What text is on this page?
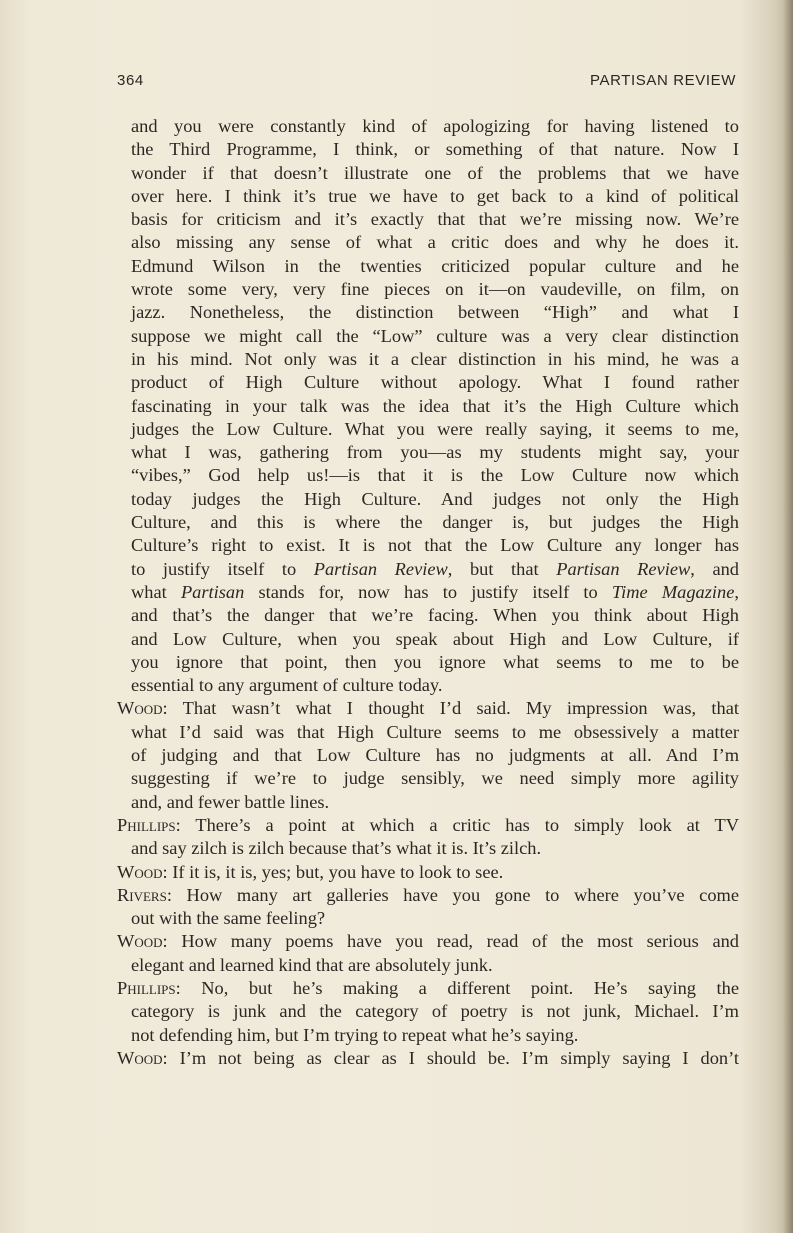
364	PARTISAN REVIEW
and you were constantly kind of apologizing for having listened to
the Third Programme, I think, or something of that nature. Now I
wonder if that doesn’t illustrate one of the problems that we have
over here. I think it’s true we have to get back to a kind of political
basis for criticism and it’s exactly that that we’re missing now. We’re
also missing any sense of what a critic does and why he does it.
Edmund Wilson in the twenties criticized popular culture and he
wrote some very, very fine pieces on it—on vaudeville, on film, on
jazz. Nonetheless, the distinction between “High” and what I
suppose we might call the “Low” culture was a very clear distinction
in his mind. Not only was it a clear distinction in his mind, he was a
product of High Culture without apology. What I found rather
fascinating in your talk was the idea that it’s the High Culture which
judges the Low Culture. What you were really saying, it seems to me,
what I was, gathering from you—as my students might say, your
“vibes,” God help us!—is that it is the Low Culture now which
today judges the High Culture. And judges not only the High
Culture, and this is where the danger is, but judges the High
Culture’s right to exist. It is not that the Low Culture any longer has
to justify itself to Partisan Review, but that Partisan Review, and
what Partisan stands for, now has to justify itself to Time Magazine,
and that’s the danger that we’re facing. When you think about High
and Low Culture, when you speak about High and Low Culture, if
you ignore that point, then you ignore what seems to me to be
essential to any argument of culture today.
Wood: That wasn’t what I thought I’d said. My impression was, that
what I’d said was that High Culture seems to me obsessively a matter
of judging and that Low Culture has no judgments at all. And I’m
suggesting if we’re to judge sensibly, we need simply more agility
and, and fewer battle lines.
Phillips: There’s a point at which a critic has to simply look at TV
and say zilch is zilch because that’s what it is. It’s zilch.
Wood: If it is, it is, yes; but, you have to look to see.
Rivers: How many art galleries have you gone to where you’ve come
out with the same feeling?
Wood: How many poems have you read, read of the most serious and
elegant and learned kind that are absolutely junk.
Phillips: No, but he’s making a different point. He’s saying the
category is junk and the category of poetry is not junk, Michael. I’m
not defending him, but I’m trying to repeat what he’s saying.
Wood: I’m not being as clear as I should be. I’m simply saying I don’t
